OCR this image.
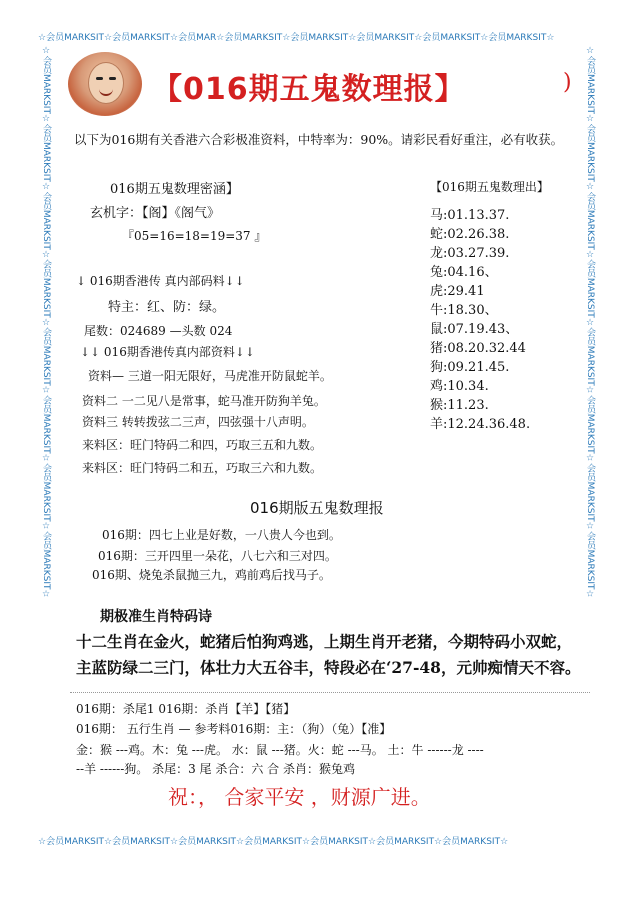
☆会员MARKSIT☆会员MARKSIT☆会员MAR☆会员MARKSIT☆会员MARKSIT☆会员MARKSIT☆会员MARKSIT☆会员MARKSIT☆
☆会员MARKSIT☆会员MARKSIT☆会员MARKSIT☆会员MARKSIT☆会员MARKSIT☆会员MARKSIT☆会员MARKSIT☆
☆会员MARKSIT☆会员MARKSIT☆会员MARKSIT☆会员MARKSIT☆会员MARKSIT☆会员MARKSIT☆会员MARKSIT☆会员MARKSIT☆	☆会员MARKSIT☆会员MARKSIT☆会员MARKSIT☆会员MARKSIT☆会员MARKSIT☆会员MARKSIT☆会员MARKSIT☆会员MARKSIT☆
【016期五鬼数理报】	)
以下为016期有关香港六合彩极准资料，中特率为：90%。请彩民看好重注，必有收获。
016期五鬼数理密涵】
玄机字：【阁】《阁气》
『05=16=18=19=37 』
↓ 016期香港传 真内部码料↓↓
特主：红、防：绿。
尾数：024689 —头数 024
↓↓ 016期香港传真内部资料↓↓
资料— 三道一阳无限好，马虎准开防鼠蛇羊。
资料二 一二见八是常事，蛇马准开防狗羊兔。
资料三 转转拨弦二三声，四弦强十八声明。
来料区：旺门特码二和四，巧取三五和九数。
来料区：旺门特码二和五，巧取三六和九数。
【016期五鬼数理出】
马:01.13.37.
蛇:02.26.38.
龙:03.27.39.
兔:04.16、
虎:29.41
牛:18.30、
鼠:07.19.43、
猪:08.20.32.44
狗:09.21.45.
鸡:10.34.
猴:11.23.
羊:12.24.36.48.
016期版五鬼数理报
016期：四七上业是好数，一八贵人今也到。
016期：三开四里一朵花，八七六和三对四。
016期、烧兔杀鼠抛三九，鸡前鸡后找马子。
期极准生肖特码诗
十二生肖在金火，蛇猪后怕狗鸡逃，上期生肖开老猪，今期特码小双蛇，
主蓝防绿二三门，体壮力大五谷丰，特段必在‘27-48，元帅痴情天不容。
016期：杀尾1 016期：杀肖【羊】【猪】
016期： 五行生肖 — 参考料016期：主：（狗）（兔）【准】
金：猴 ---鸡。木：兔 ---虎。 水：鼠 ---猪。火：蛇 ---马。 土：牛 ------龙 ----
--羊 ------狗。 杀尾：3 尾 杀合：六 合 杀肖：猴兔鸡
祝：， 合家平安 ，财源广进。
